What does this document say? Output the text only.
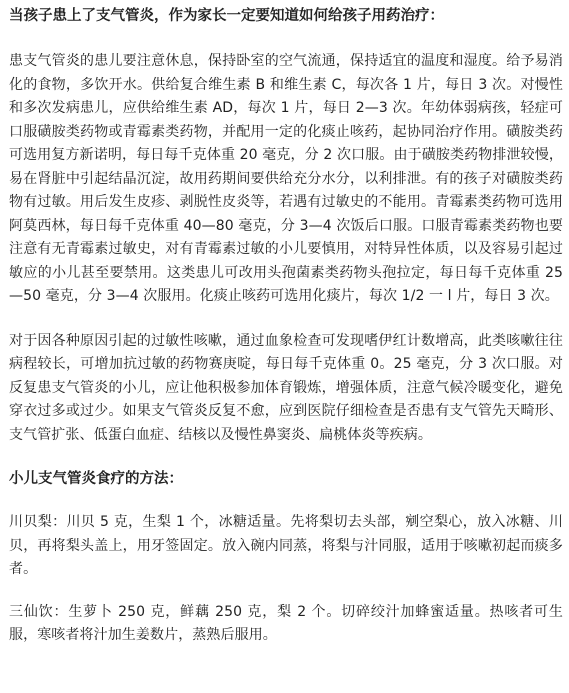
当孩子患上了支气管炎，作为家长一定要知道如何给孩子用药治疗：

患支气管炎的患儿要注意休息，保持卧室的空气流通，保持适宜的温度和湿度。给予易消化的食物，多饮开水。供给复合维生素 B 和维生素 C，每次各 1 片，每日 3 次。对慢性和多次发病患儿，应供给维生素 AD，每次 1 片，每日 2—3 次。年幼体弱病孩，轻症可口服磺胺类药物或青霉素类药物，并配用一定的化痰止咳药，起协同治疗作用。磺胺类药可选用复方新诺明，每日每千克体重 20 毫克，分 2 次口服。由于磺胺类药物排泄较慢，易在肾脏中引起结晶沉淀，故用药期间要供给充分水分，以利排泄。有的孩子对磺胺类药物有过敏。用后发生皮疹、剥脱性皮炎等，若遇有过敏史的不能用。青霉素类药物可选用阿莫西林，每日每千克体重 40—80 毫克，分 3—4 次饭后口服。口服青霉素类药物也要注意有无青霉素过敏史，对有青霉素过敏的小儿要慎用，对特异性体质，以及容易引起过敏应的小儿甚至要禁用。这类患儿可改用头孢菌素类药物头孢拉定，每日每千克体重 25—50 毫克，分 3—4 次服用。化痰止咳药可选用化痰片，每次 1/2 一 l 片，每日 3 次。

对于因各种原因引起的过敏性咳嗽，通过血象检查可发现嗜伊红计数增高，此类咳嗽往往病程较长，可增加抗过敏的药物赛庚啶，每日每千克体重 0。25 毫克，分 3 次口服。对反复患支气管炎的小儿，应让他积极参加体育锻炼，增强体质，注意气候冷暖变化，避免穿衣过多或过少。如果支气管炎反复不愈，应到医院仔细检查是否患有支气管先天畸形、支气管扩张、低蛋白血症、结核以及慢性鼻窦炎、扁桃体炎等疾病。

小儿支气管炎食疗的方法：

川贝梨：川贝 5 克，生梨 1 个，冰糖适量。先将梨切去头部，剜空梨心，放入冰糖、川贝，再将梨头盖上，用牙签固定。放入碗内同蒸，将梨与汁同服，适用于咳嗽初起而痰多者。

三仙饮：生萝卜 250 克，鲜藕 250 克，梨 2 个。切碎绞汁加蜂蜜适量。热咳者可生服，寒咳者将汁加生姜数片，蒸熟后服用。
